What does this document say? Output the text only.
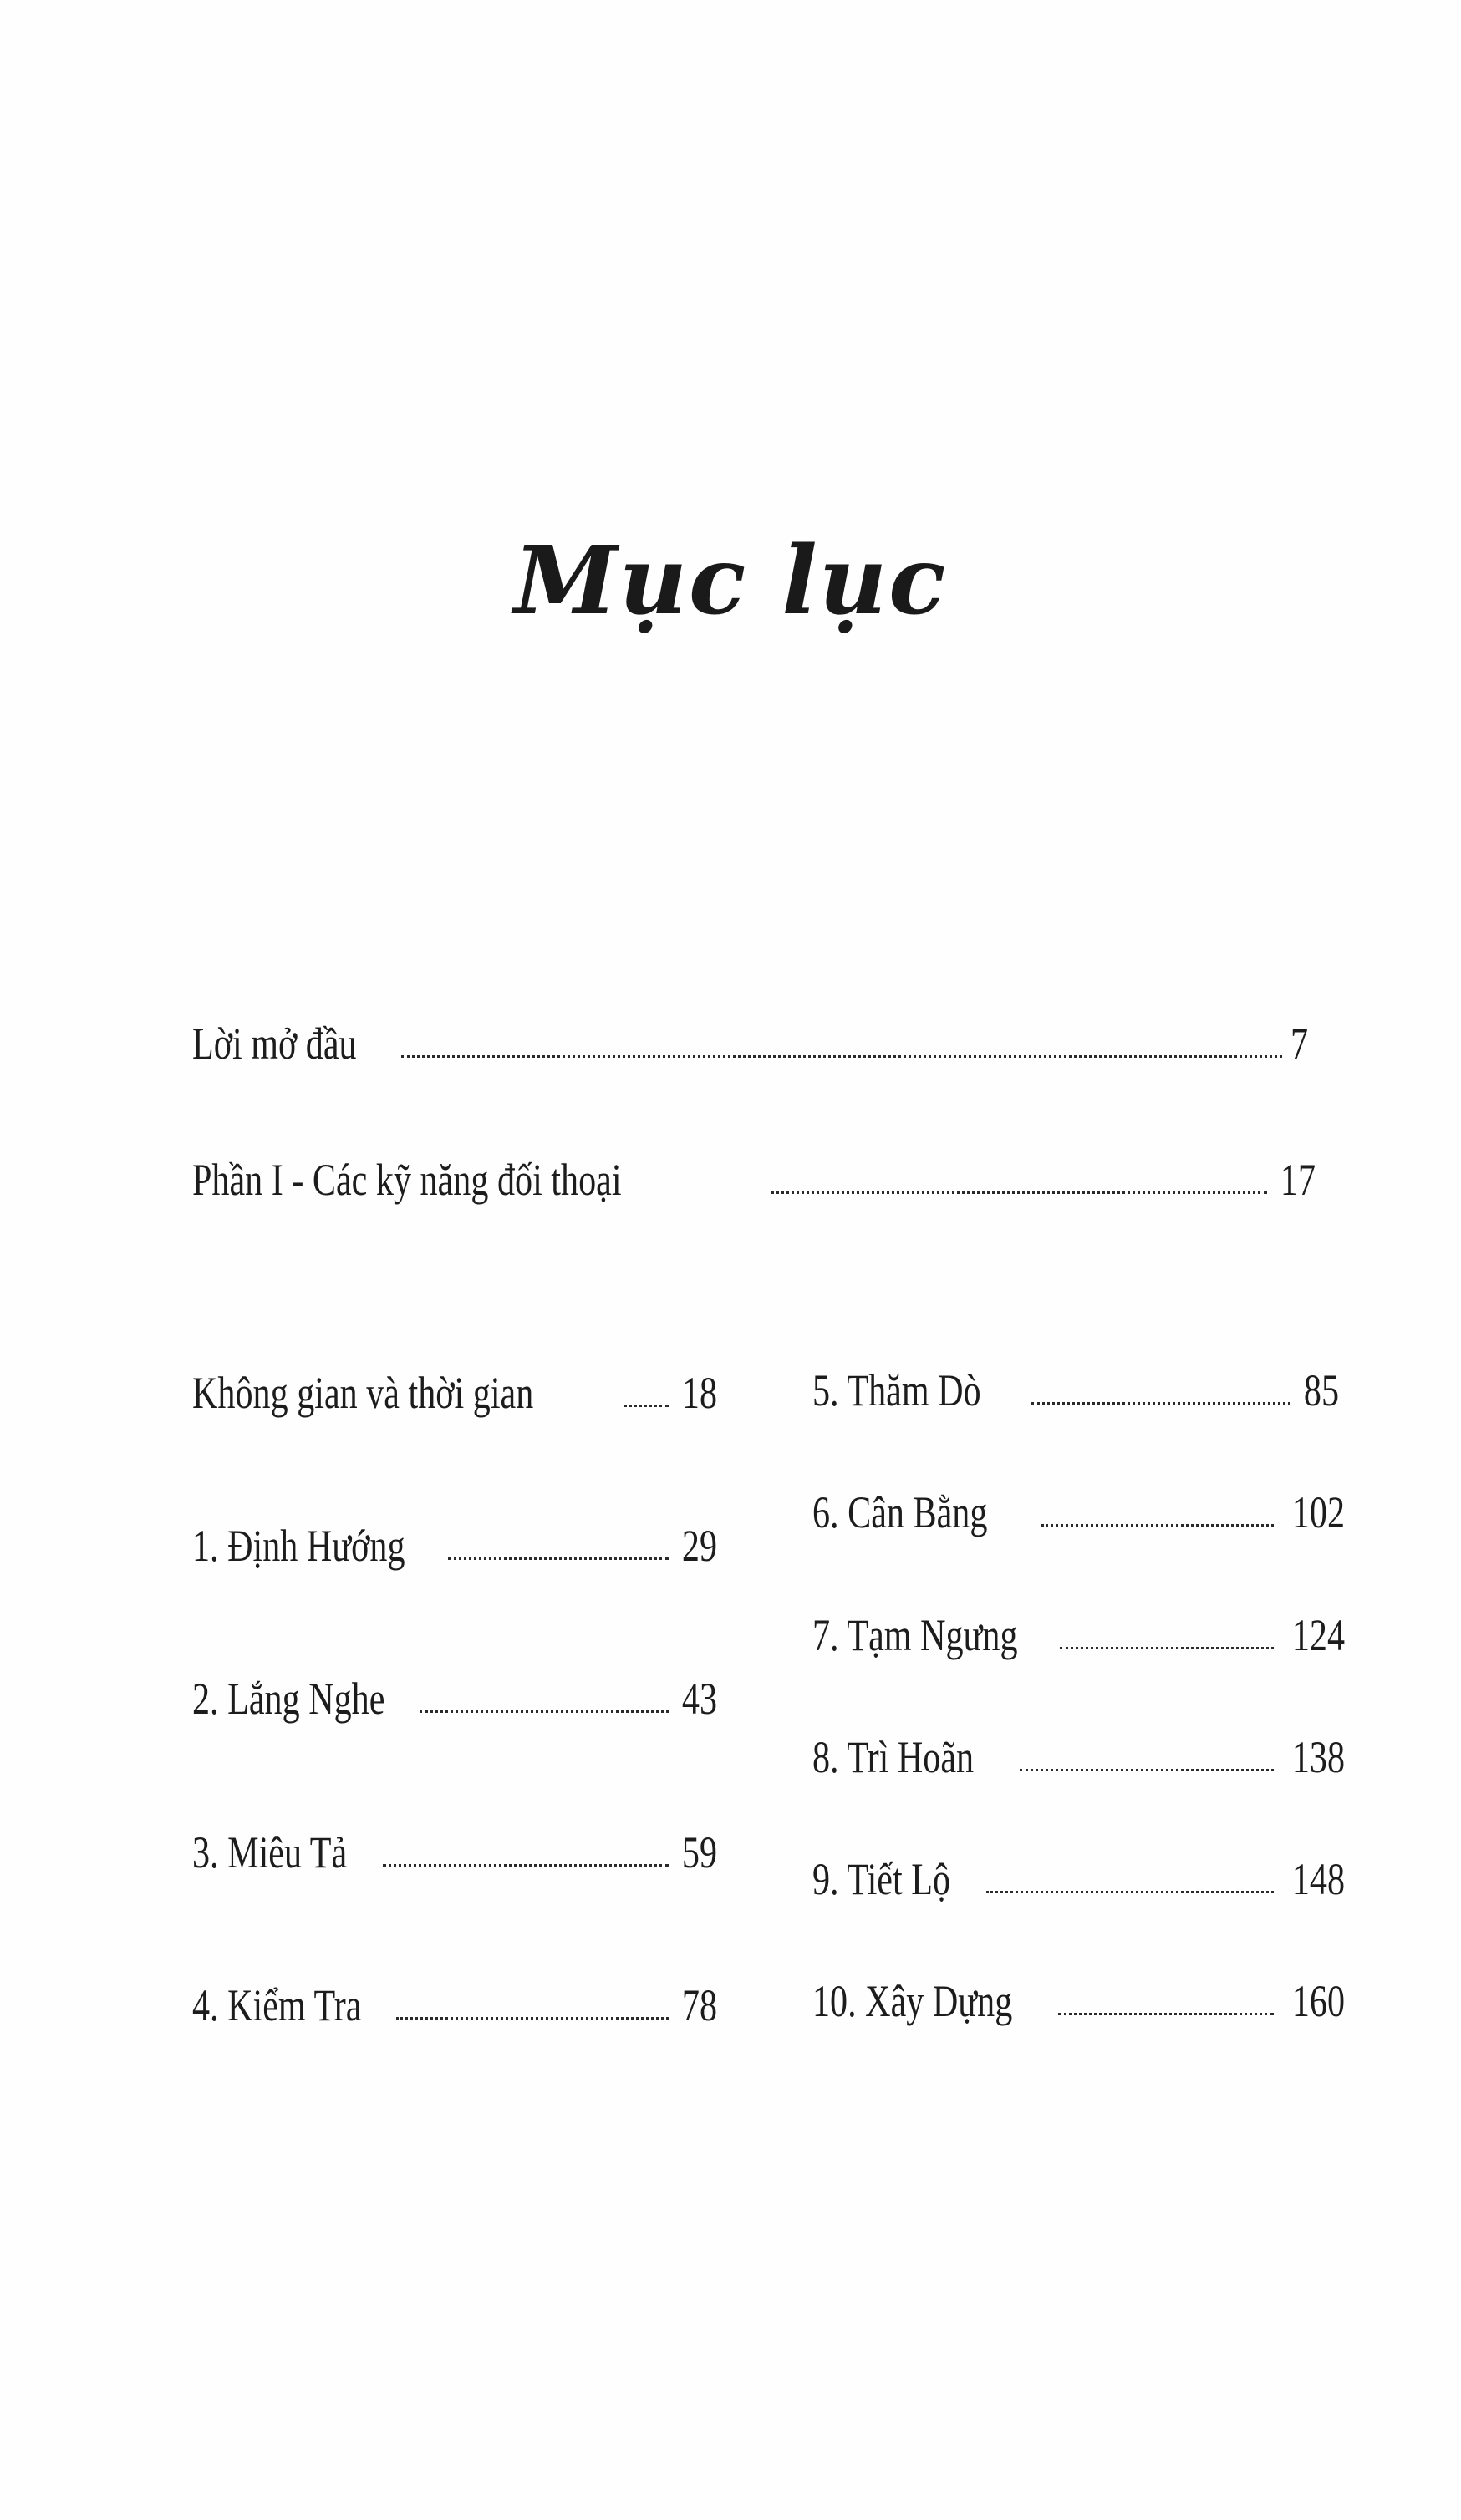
Mục lục
Lời mở đầu	7
Phần I - Các kỹ năng đối thoại	17
Không gian và thời gian	18
1. Định Hướng	29
2. Lắng Nghe	43
3. Miêu Tả	59
4. Kiểm Tra	78
5. Thăm Dò	85
6. Cân Bằng	102
7. Tạm Ngưng	124
8. Trì Hoãn	138
9. Tiết Lộ	148
10. Xây Dựng	160
